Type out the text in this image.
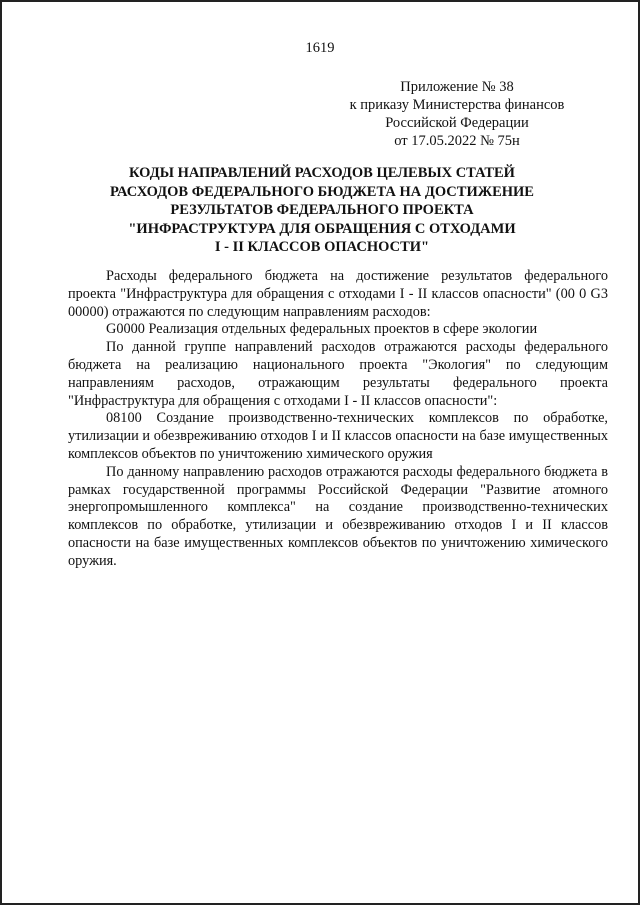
1619
Приложение № 38
к приказу Министерства финансов
Российской Федерации
от 17.05.2022 № 75н
КОДЫ НАПРАВЛЕНИЙ РАСХОДОВ ЦЕЛЕВЫХ СТАТЕЙ
РАСХОДОВ ФЕДЕРАЛЬНОГО БЮДЖЕТА НА ДОСТИЖЕНИЕ
РЕЗУЛЬТАТОВ ФЕДЕРАЛЬНОГО ПРОЕКТА
"ИНФРАСТРУКТУРА ДЛЯ ОБРАЩЕНИЯ С ОТХОДАМИ
I - II КЛАССОВ ОПАСНОСТИ"

Расходы федерального бюджета на достижение результатов федерального проекта "Инфраструктура для обращения с отходами I - II классов опасности" (00 0 G3 00000) отражаются по следующим направлениям расходов:

G0000 Реализация отдельных федеральных проектов в сфере экологии

По данной группе направлений расходов отражаются расходы федерального бюджета на реализацию национального проекта "Экология" по следующим направлениям расходов, отражающим результаты федерального проекта "Инфраструктура для обращения с отходами I - II классов опасности":

08100 Создание производственно-технических комплексов по обработке, утилизации и обезвреживанию отходов I и II классов опасности на базе имущественных комплексов объектов по уничтожению химического оружия

По данному направлению расходов отражаются расходы федерального бюджета в рамках государственной программы Российской Федерации "Развитие атомного энергопромышленного комплекса" на создание производственно-технических комплексов по обработке, утилизации и обезвреживанию отходов I и II классов опасности на базе имущественных комплексов объектов по уничтожению химического оружия.
